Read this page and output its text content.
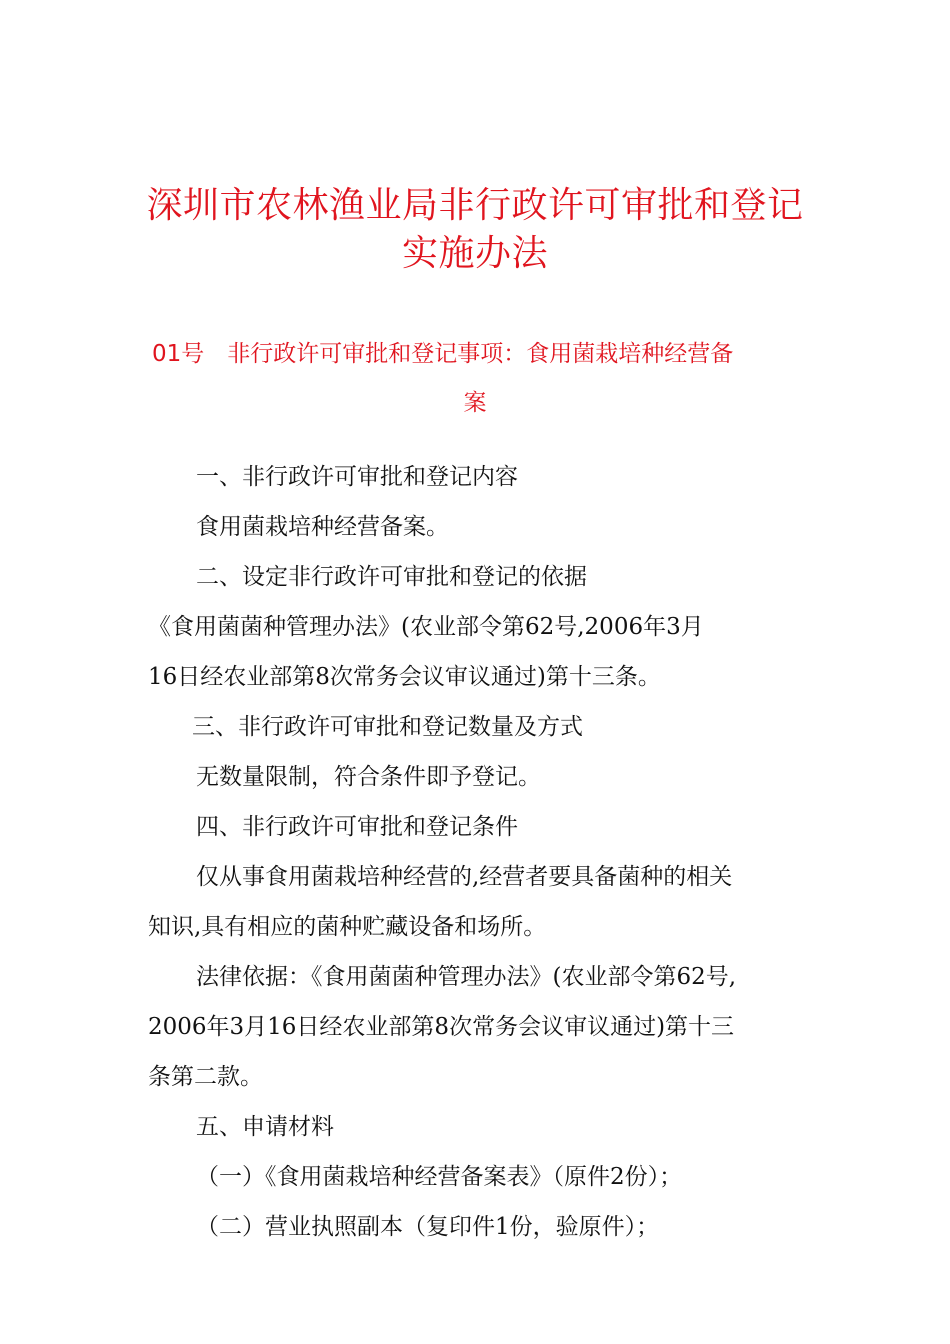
深圳市农林渔业局非行政许可审批和登记
实施办法
01号　非行政许可审批和登记事项：食用菌栽培种经营备
案
一、非行政许可审批和登记内容
食用菌栽培种经营备案。
二、设定非行政许可审批和登记的依据
《食用菌菌种管理办法》(农业部令第62号,2006年3月
16日经农业部第8次常务会议审议通过)第十三条。
三、非行政许可审批和登记数量及方式
无数量限制，符合条件即予登记。
四、非行政许可审批和登记条件
仅从事食用菌栽培种经营的,经营者要具备菌种的相关
知识,具有相应的菌种贮藏设备和场所。
法律依据：《食用菌菌种管理办法》(农业部令第62号,
2006年3月16日经农业部第8次常务会议审议通过)第十三
条第二款。
五、申请材料
（一）《食用菌栽培种经营备案表》（原件2份）；
（二）营业执照副本（复印件1份，验原件）；
